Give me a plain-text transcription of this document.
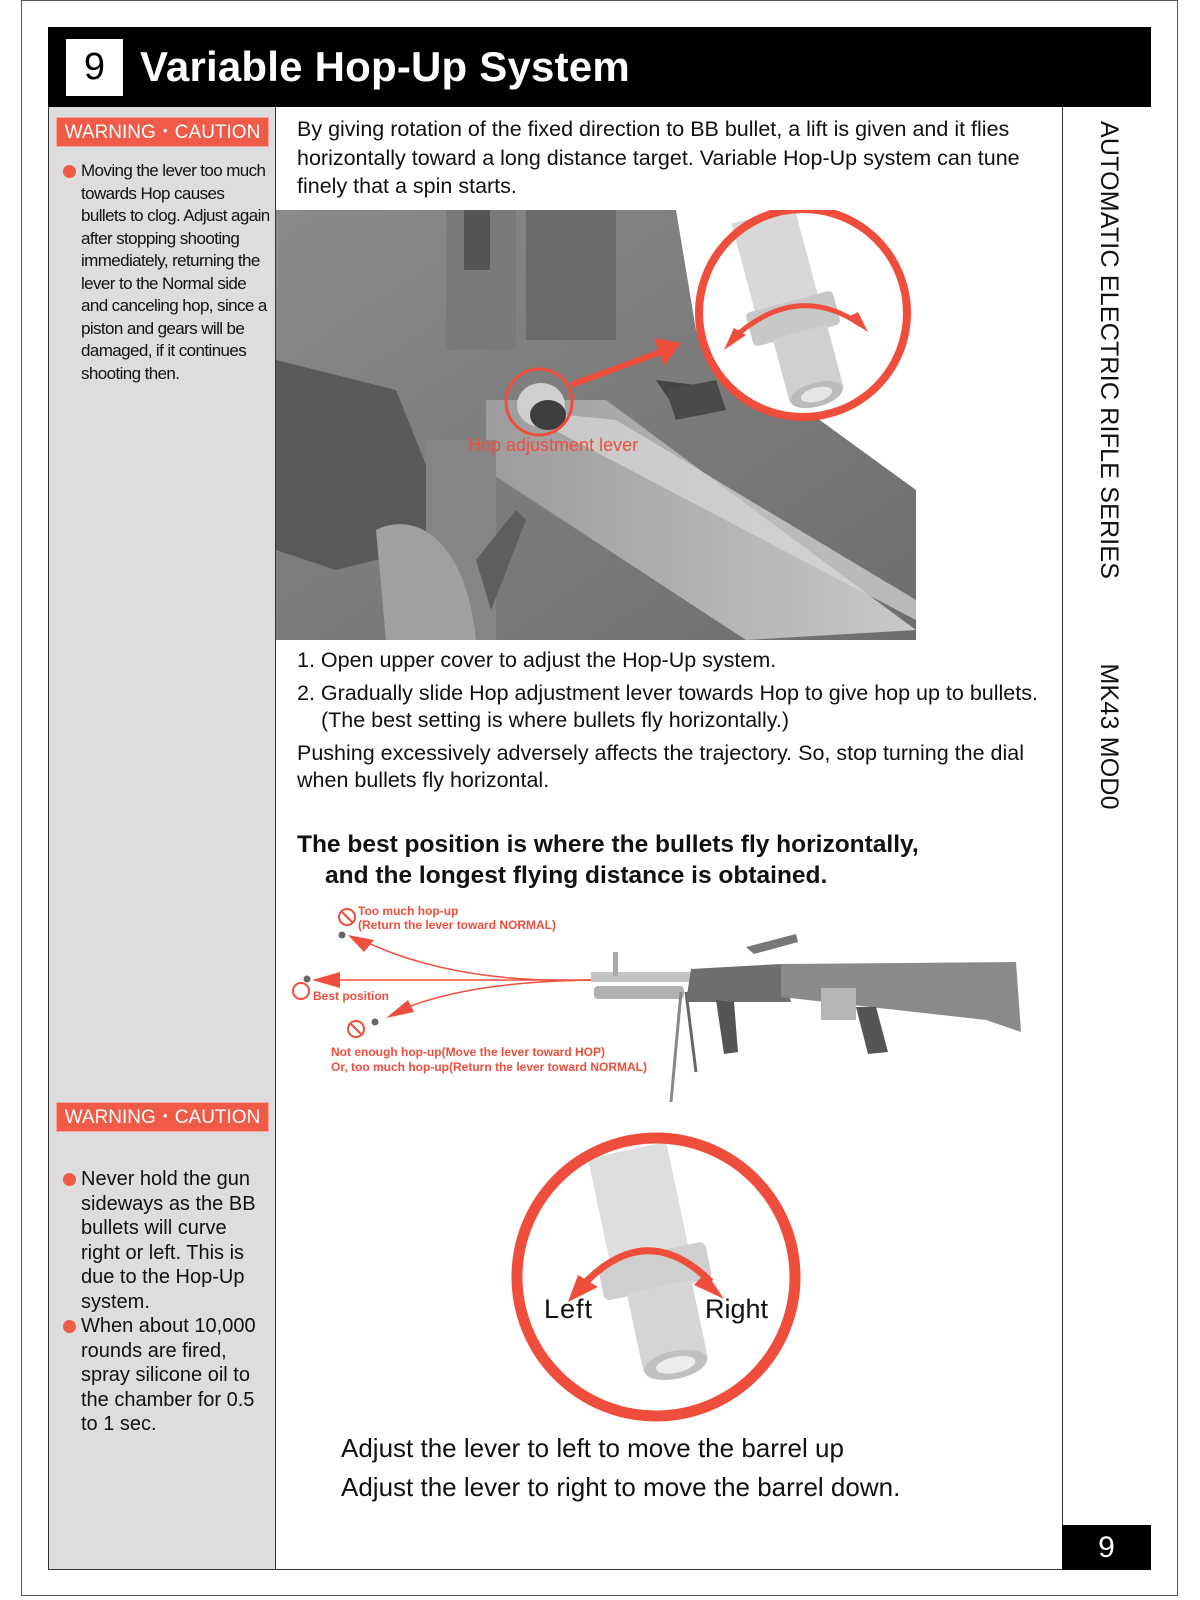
9 Variable Hop-Up System
WARNING・CAUTION
Moving the lever too much towards Hop causes bullets to clog. Adjust again after stopping shooting immediately, returning the lever to the Normal side and canceling hop, since a piston and gears will be damaged, if it continues shooting then.
WARNING・CAUTION
Never hold the gun sideways as the BB bullets will curve right or left. This is due to the Hop-Up system.
When about 10,000 rounds are fired, spray silicone oil to the chamber for 0.5 to 1 sec.
By giving rotation of the fixed direction to BB bullet, a lift is given and it flies horizontally toward a long distance target. Variable Hop-Up system can tune finely that a spin starts.
Hop adjustment lever
1. Open upper cover to adjust the Hop-Up system.
2. Gradually slide Hop adjustment lever towards Hop to give hop up to bullets. (The best setting is where bullets fly horizontally.)
Pushing excessively adversely affects the trajectory. So, stop turning the dial when bullets fly horizontal.
The best position is where the bullets fly horizontally,
and the longest flying distance is obtained.
Too much hop-up
(Return the lever toward NORMAL)
Best position
Not enough hop-up(Move the lever toward HOP)
Or, too much hop-up(Return the lever toward NORMAL)
Left	Right
Adjust the lever to left to move the barrel up
Adjust the lever to right to move the barrel down.
AUTOMATIC ELECTRIC RIFLE SERIES  MK43 MOD0
9
